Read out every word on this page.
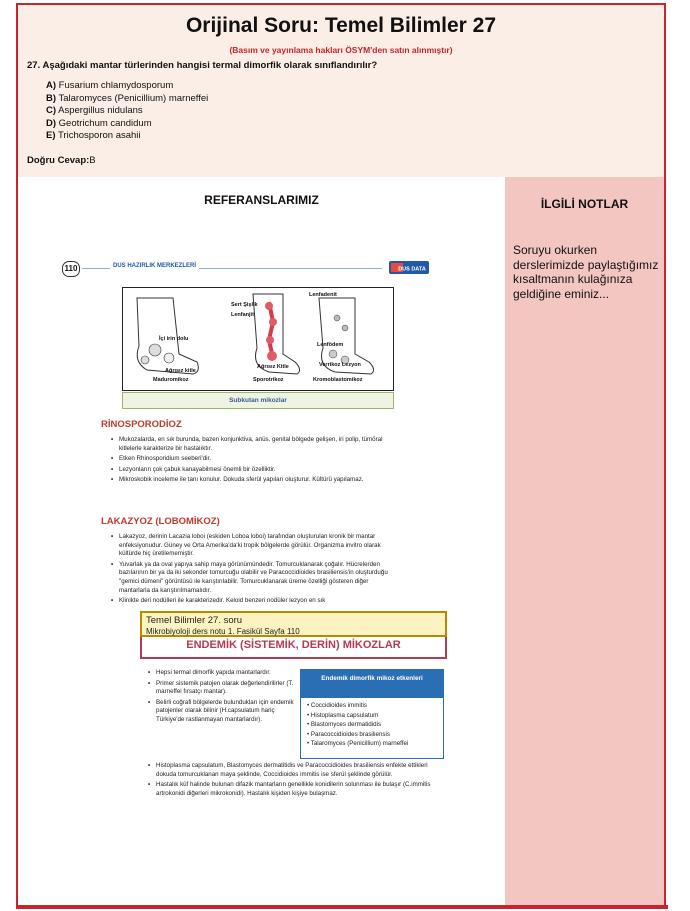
Orijinal Soru: Temel Bilimler 27
(Basım ve yayınlama hakları ÖSYM'den satın alınmıştır)
27. Aşağıdaki mantar türlerinden hangisi termal dimorfik olarak sınıflandırılır?
A) Fusarium chlamydosporum
B) Talaromyces (Penicillium) marneffei
C) Aspergillus nidulans
D) Geotrichum candidum
E) Trichosporon asahii
Doğru Cevap:B
REFERANSLARIMIZ
110	DUS HAZIRLIK MERKEZLERİ
DUS DATA
Sert Şişlik
Lenfanjit
Lenfadenit
İçi irin dolu
Ağrısız kitle
Maduromikoz
Ağrısız Kitle
Sporotrikoz
Lenfödem
Verrikoz Lezyon
Kromoblastomikoz
Subkutan mikozlar
RİNOSPORODİOZ
• Mukozalarda, en sık burunda, bazen konjunktiva, anüs, genital bölgede gelişen, iri polip, tümöral kitlelerle karakterize bir hastalıktır.
• Etken Rhinosporidium seeberi'dir.
• Lezyonların çok çabuk kanayabilmesi önemli bir özelliktir.
• Mikroskobik inceleme ile tanı konulur. Dokuda sferül yapıları oluşturur. Kültürü yapılamaz.
LAKAZYOZ (LOBOMİKOZ)
• Lakazyoz, derinin Lacazia loboi (eskiden Loboa loboi) tarafından oluşturulan kronik bir mantar enfeksiyonudur. Güney ve Orta Amerika'da'ki tropik bölgelerde görülür. Organizma invitro olarak kültürde hiç üretilememiştir.
• Yuvarlak ya da oval yapıya sahip maya görünümündedir. Tomurcuklanarak çoğalır. Hücrelerden bazılarının bir ya da iki sekonder tomurcuğu olabilir ve Paracoccidioides brasiliensis'in oluşturduğu "gemici dümeni" görüntüsü ile karıştırılabilir. Tomurcuklanarak üreme özelliği gösteren diğer mantarlarla da karıştırılmamalıdır.
• Klinikte deri nodülleri ile karakterizedir. Keloid benzeri nodüler lezyon en sık
Temel Bilimler 27. soru
Mikrobiyoloji ders notu 1. Fasikül Sayfa 110
ENDEMİK (SİSTEMİK, DERİN) MİKOZLAR
• Hepsi termal dimorfik yapıda mantarlardır.
• Primer sistemik patojen olarak değerlendirilirler (T. marneffei fırsatçı mantar).
• Belirli coğrafi bölgelerde bulundukları için endemik patojenler olarak bilinir (H.capsulatum hariç Türkiye'de rastlanmayan mantarlardır).
Endemik dimorfik mikoz etkenleri
• Coccidioides immitis
• Histoplasma capsulatum
• Blastomyces dermatididis
• Paracoccidioides brasiliensis
• Talaromyces (Penicillium) marneffei
• Histoplasma capsulatum, Blastomyces dermatitidis ve Paracoccidioides brasiliensis enfekte ettikleri dokuda tomurcuklanan maya şeklinde, Coccidioides immitis ise sferül şeklinde görülür.
• Hastalık küf halinde bulunan difazik mantarların genellikle konidilerin solunması ile bulaşır (C.immitis artrokonidi diğerleri mikrokonidi). Hastalık kişiden kişiye bulaşmaz.
İLGİLİ NOTLAR
Soruyu okurken derslerimizde paylaştığımız kısaltmanın kulağınıza geldiğine eminiz...
